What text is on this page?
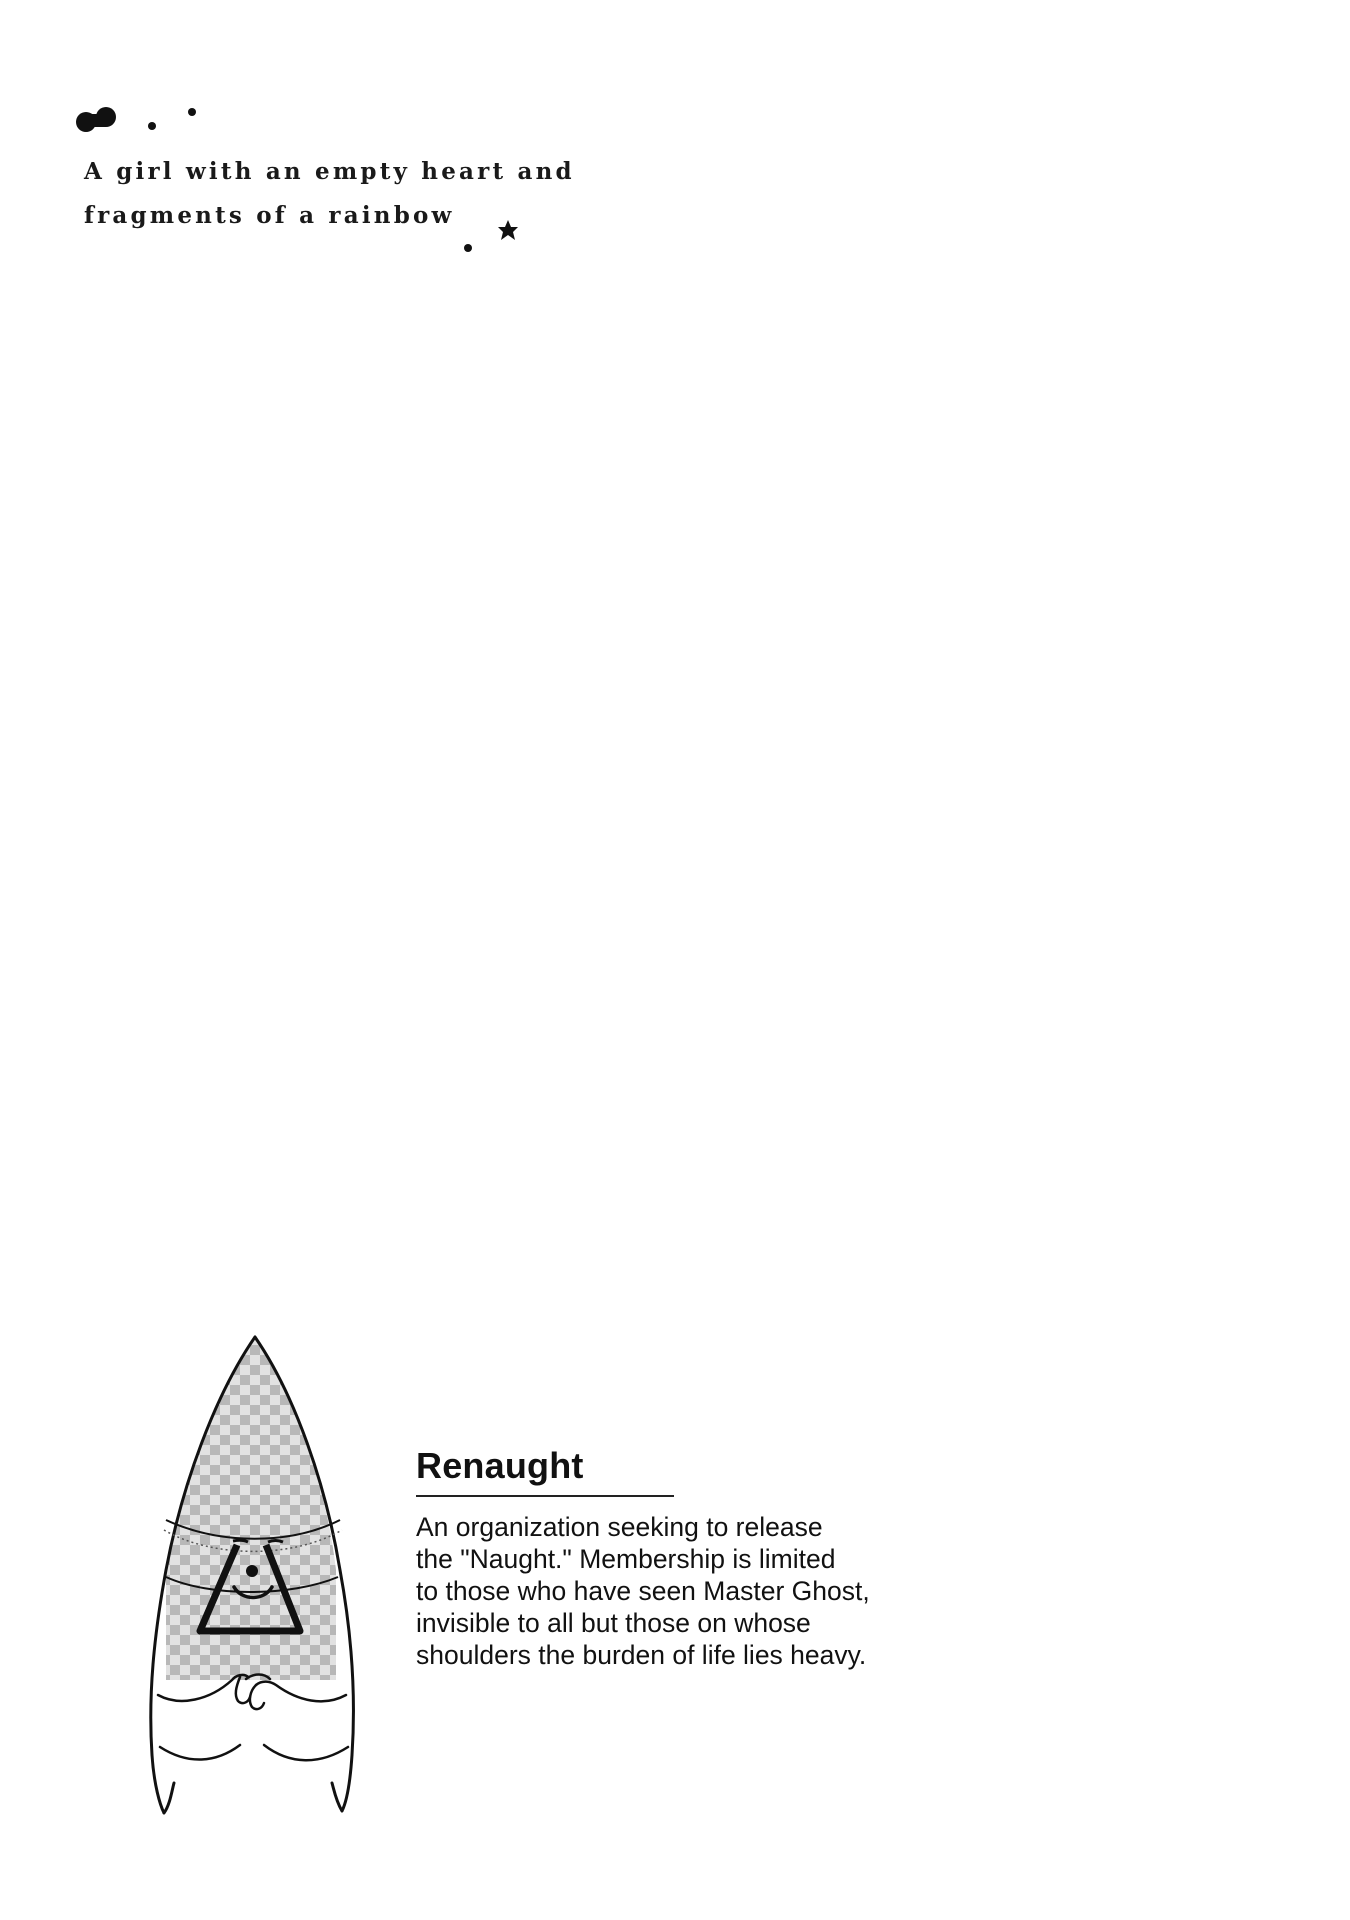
A girl with an empty heart and
fragments of a rainbow
Renaught

An organization seeking to release
the "Naught." Membership is limited
to those who have seen Master Ghost,
invisible to all but those on whose
shoulders the burden of life lies heavy.
